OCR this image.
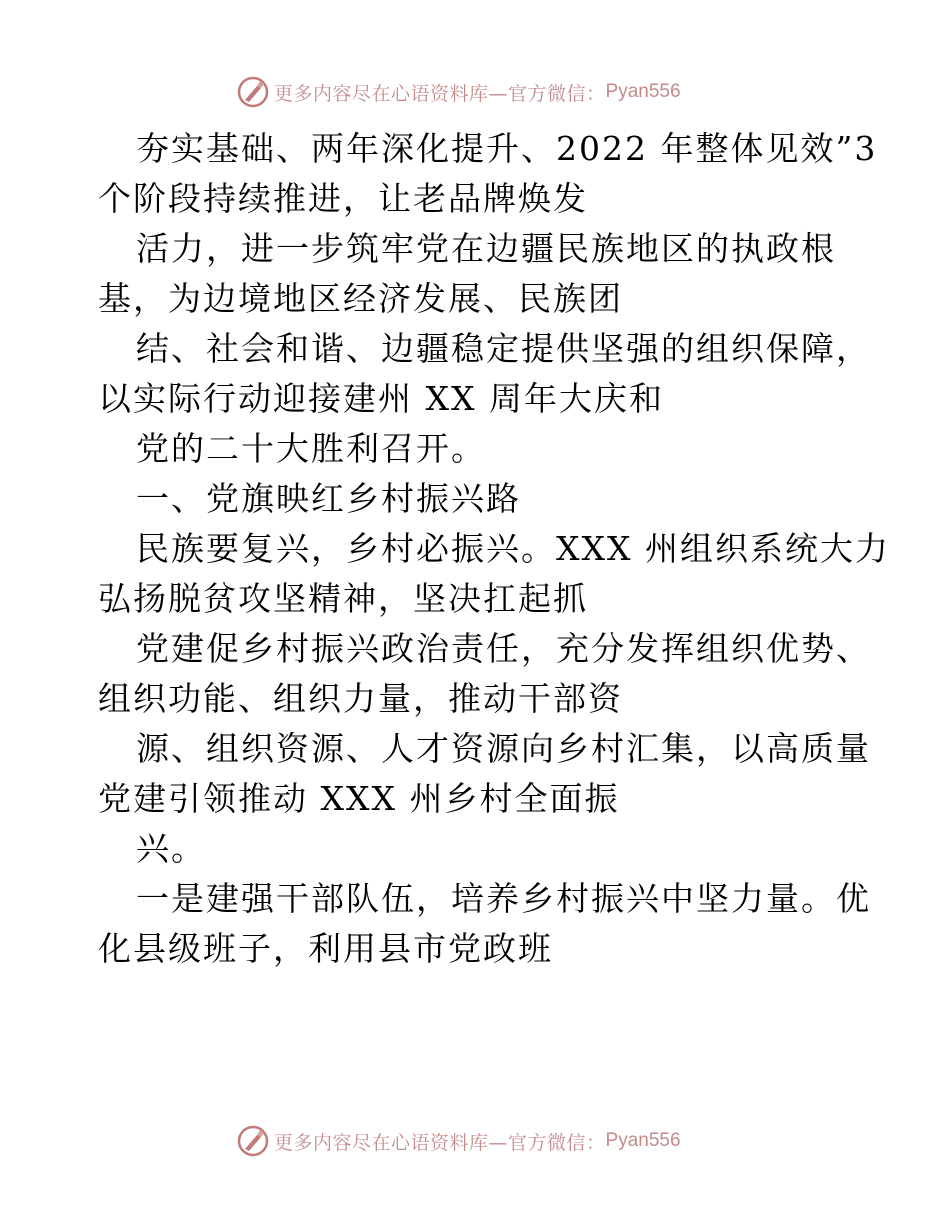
更多内容尽在心语资料库—官方微信： Pyan556
夯实基础、两年深化提升、2022 年整体见效”3
个阶段持续推进，让老品牌焕发
活力，进一步筑牢党在边疆民族地区的执政根
基，为边境地区经济发展、民族团
结、社会和谐、边疆稳定提供坚强的组织保障，
以实际行动迎接建州 XX 周年大庆和
党的二十大胜利召开。
一、党旗映红乡村振兴路
民族要复兴，乡村必振兴。XXX 州组织系统大力
弘扬脱贫攻坚精神，坚决扛起抓
党建促乡村振兴政治责任，充分发挥组织优势、
组织功能、组织力量，推动干部资
源、组织资源、人才资源向乡村汇集，以高质量
党建引领推动 XXX 州乡村全面振
兴。
一是建强干部队伍，培养乡村振兴中坚力量。优
化县级班子，利用县市党政班
更多内容尽在心语资料库—官方微信： Pyan556
